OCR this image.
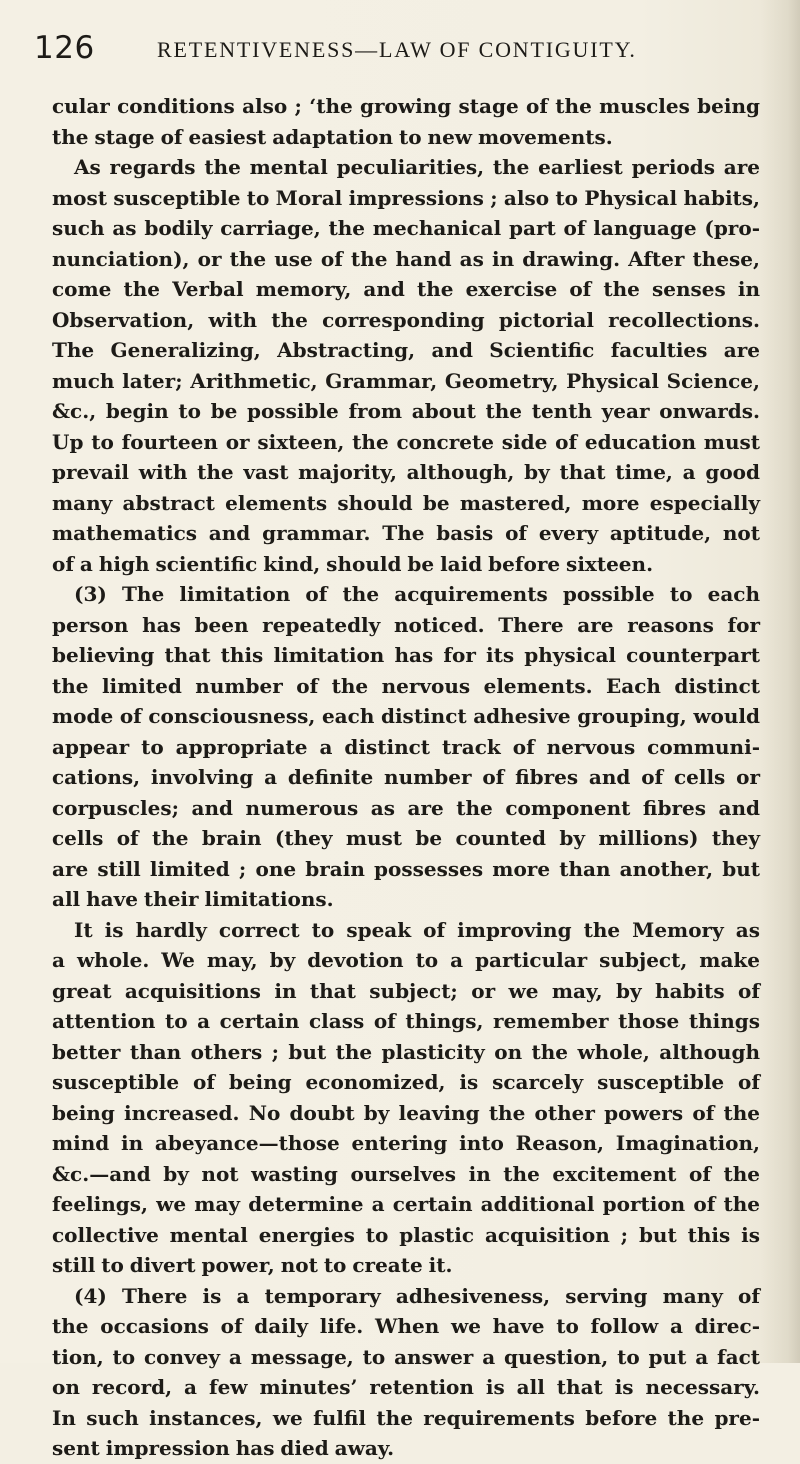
126	RETENTIVENESS—LAW OF CONTIGUITY.
cular conditions also ; ‘the growing stage of the muscles being
the stage of easiest adaptation to new movements.
As regards the mental peculiarities, the earliest periods are
most susceptible to Moral impressions ; also to Physical habits,
such as bodily carriage, the mechanical part of language (pro-
nunciation), or the use of the hand as in drawing. After these,
come the Verbal memory, and the exercise of the senses in
Observation, with the corresponding pictorial recollections.
The Generalizing, Abstracting, and Scientific faculties are
much later; Arithmetic, Grammar, Geometry, Physical Science,
&c., begin to be possible from about the tenth year onwards.
Up to fourteen or sixteen, the concrete side of education must
prevail with the vast majority, although, by that time, a good
many abstract elements should be mastered, more especially
mathematics and grammar. The basis of every aptitude, not
of a high scientific kind, should be laid before sixteen.
(3) The limitation of the acquirements possible to each
person has been repeatedly noticed. There are reasons for
believing that this limitation has for its physical counterpart
the limited number of the nervous elements. Each distinct
mode of consciousness, each distinct adhesive grouping, would
appear to appropriate a distinct track of nervous communi-
cations, involving a definite number of fibres and of cells or
corpuscles; and numerous as are the component fibres and
cells of the brain (they must be counted by millions) they
are still limited ; one brain possesses more than another, but
all have their limitations.
It is hardly correct to speak of improving the Memory as
a whole. We may, by devotion to a particular subject, make
great acquisitions in that subject; or we may, by habits of
attention to a certain class of things, remember those things
better than others ; but the plasticity on the whole, although
susceptible of being economized, is scarcely susceptible of
being increased. No doubt by leaving the other powers of the
mind in abeyance—those entering into Reason, Imagination,
&c.—and by not wasting ourselves in the excitement of the
feelings, we may determine a certain additional portion of the
collective mental energies to plastic acquisition ; but this is
still to divert power, not to create it.
(4) There is a temporary adhesiveness, serving many of
the occasions of daily life. When we have to follow a direc-
tion, to convey a message, to answer a question, to put a fact
on record, a few minutes’ retention is all that is necessary.
In such instances, we fulfil the requirements before the pre-
sent impression has died away.
